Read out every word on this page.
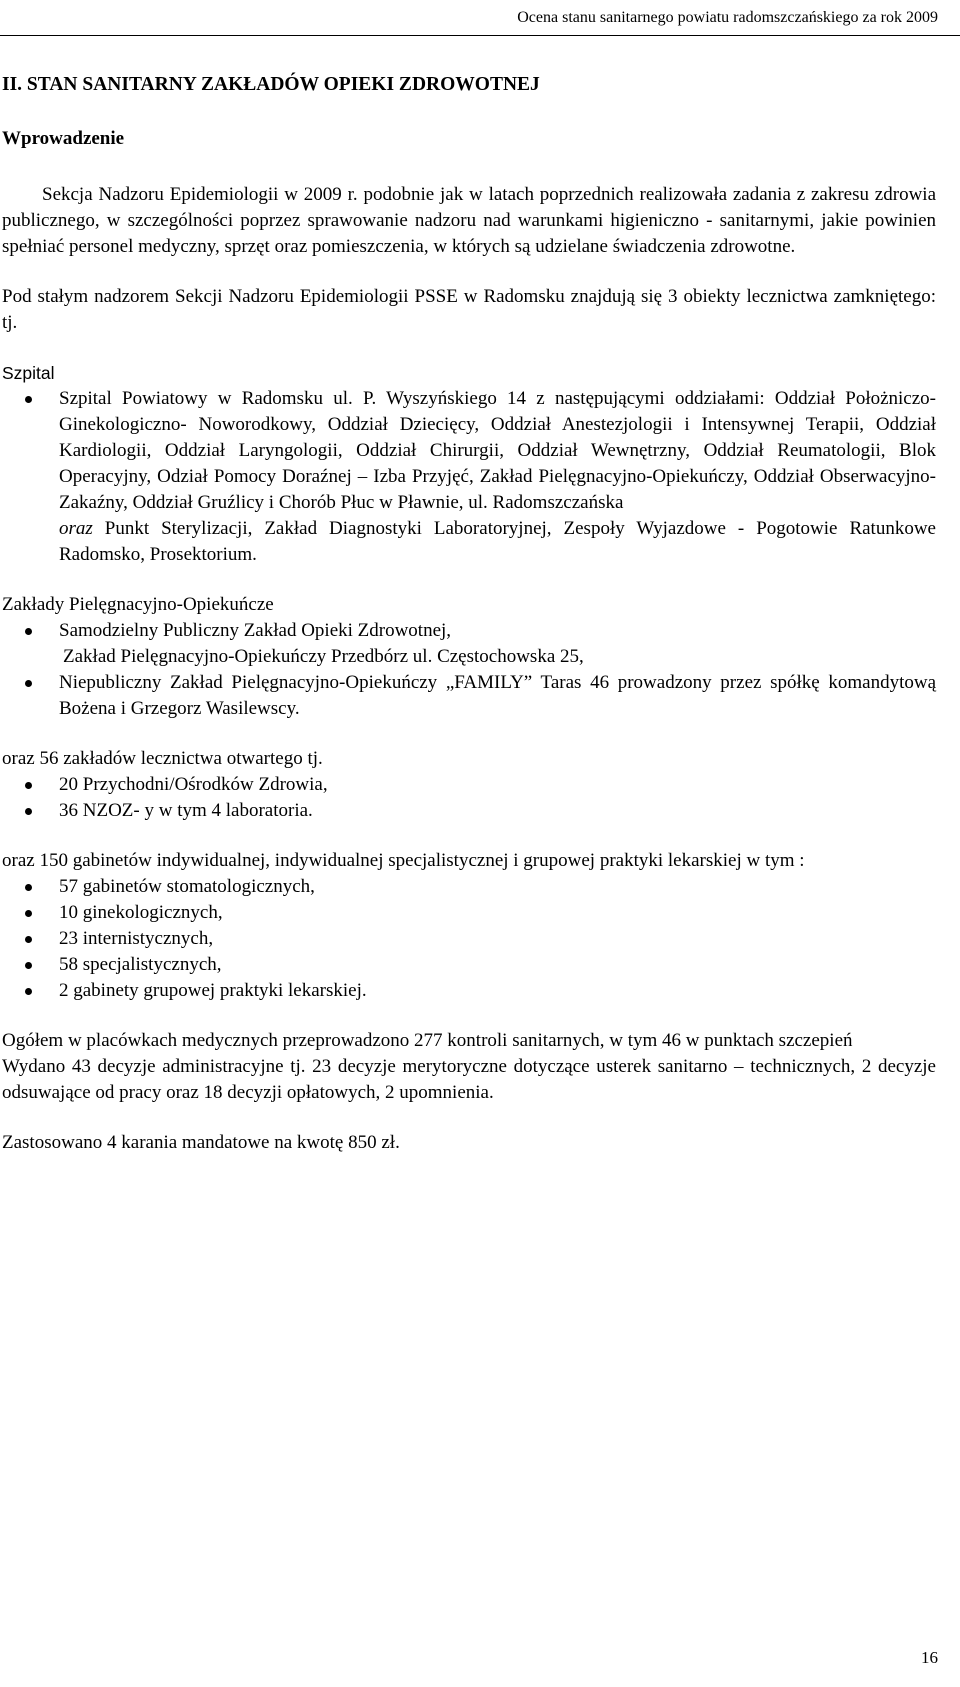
Ocena stanu sanitarnego powiatu radomszczańskiego za rok 2009
II. STAN SANITARNY ZAKŁADÓW OPIEKI ZDROWOTNEJ
Wprowadzenie

Sekcja Nadzoru Epidemiologii w 2009 r. podobnie jak w latach poprzednich realizowała zadania z zakresu zdrowia publicznego, w szczególności poprzez sprawowanie nadzoru nad warunkami higieniczno - sanitarnymi, jakie powinien spełniać personel medyczny, sprzęt oraz pomieszczenia, w których są udzielane świadczenia zdrowotne.

Pod stałym nadzorem Sekcji Nadzoru Epidemiologii PSSE w Radomsku znajdują się 3 obiekty lecznictwa zamkniętego: tj.

Szpital

Szpital Powiatowy w Radomsku ul. P. Wyszyńskiego 14 z następującymi oddziałami: Oddział Położniczo- Ginekologiczno- Noworodkowy, Oddział Dziecięcy, Oddział Anestezjologii i Intensywnej Terapii, Oddział Kardiologii, Oddział Laryngologii, Oddział Chirurgii, Oddział Wewnętrzny, Oddział Reumatologii, Blok Operacyjny, Odział Pomocy Doraźnej – Izba Przyjęć, Zakład Pielęgnacyjno-Opiekuńczy, Oddział Obserwacyjno-Zakaźny, Oddział Gruźlicy i Chorób Płuc w Pławnie, ul. Radomszczańska
oraz Punkt Sterylizacji, Zakład Diagnostyki Laboratoryjnej, Zespoły Wyjazdowe - Pogotowie Ratunkowe Radomsko, Prosektorium.

Zakłady Pielęgnacyjno-Opiekuńcze

Samodzielny Publiczny Zakład Opieki Zdrowotnej,
Zakład Pielęgnacyjno-Opiekuńczy Przedbórz ul. Częstochowska 25,
Niepubliczny Zakład Pielęgnacyjno-Opiekuńczy „FAMILY” Taras 46 prowadzony przez spółkę komandytową Bożena i Grzegorz Wasilewscy.

oraz 56 zakładów lecznictwa otwartego tj.

20 Przychodni/Ośrodków Zdrowia,
36 NZOZ- y w tym 4 laboratoria.

oraz 150 gabinetów indywidualnej, indywidualnej specjalistycznej i grupowej praktyki lekarskiej w tym :

57 gabinetów stomatologicznych,
10 ginekologicznych,
23 internistycznych,
58 specjalistycznych,
2 gabinety grupowej praktyki lekarskiej.

Ogółem w placówkach medycznych przeprowadzono 277 kontroli sanitarnych, w tym 46 w punktach szczepień

Wydano 43 decyzje administracyjne tj. 23 decyzje merytoryczne dotyczące usterek sanitarno – technicznych, 2 decyzje odsuwające od pracy oraz 18 decyzji opłatowych, 2 upomnienia.

Zastosowano 4 karania mandatowe na kwotę 850 zł.

16
